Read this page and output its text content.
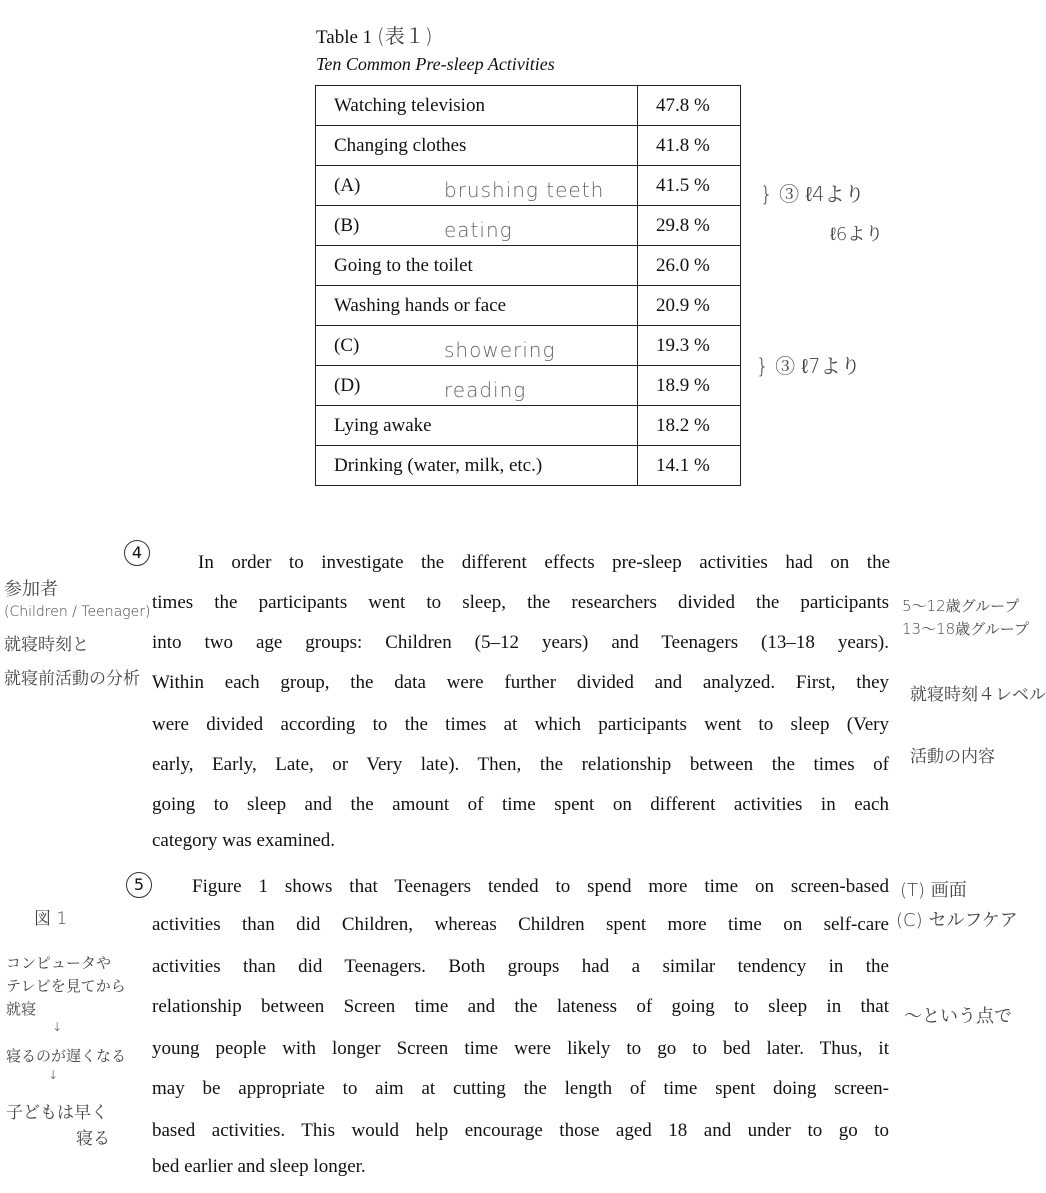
Table 1 (表１)
Ten Common Pre-sleep Activities
Watching television	47.8 %
Changing clothes	41.8 %
(A) brushing teeth	41.5 %
(B) eating	29.8 %
Going to the toilet	26.0 %
Washing hands or face	20.9 %
(C) showering	19.3 %
(D) reading	18.9 %
Lying awake	18.2 %
Drinking (water, milk, etc.)	14.1 %
} ③ ℓ4より
ℓ6より
} ③ ℓ7より
4	In order to investigate the different effects pre-sleep activities had on the
times the participants went to sleep, the researchers divided the participants
into two age groups: Children (5–12 years) and Teenagers (13–18 years).
Within each group, the data were further divided and analyzed. First, they
were divided according to the times at which participants went to sleep (Very
early, Early, Late, or Very late). Then, the relationship between the times of
going to sleep and the amount of time spent on different activities in each
category was examined.
5	Figure 1 shows that Teenagers tended to spend more time on screen-based
activities than did Children, whereas Children spent more time on self-care
activities than did Teenagers. Both groups had a similar tendency in the
relationship between Screen time and the lateness of going to sleep in that
young people with longer Screen time were likely to go to bed later. Thus, it
may be appropriate to aim at cutting the length of time spent doing screen-
based activities. This would help encourage those aged 18 and under to go to
bed earlier and sleep longer.
参加者
(Children / Teenager)
就寝時刻と
就寝前活動の分析
5〜12歳グループ
13〜18歳グループ
就寝時刻４レベル
活動の内容
図 1
コンピュータや
テレビを見てから
就寝
↓
寝るのが遅くなる
↓
子どもは早く
寝る
(T) 画面
(C) セルフケア
〜という点で
